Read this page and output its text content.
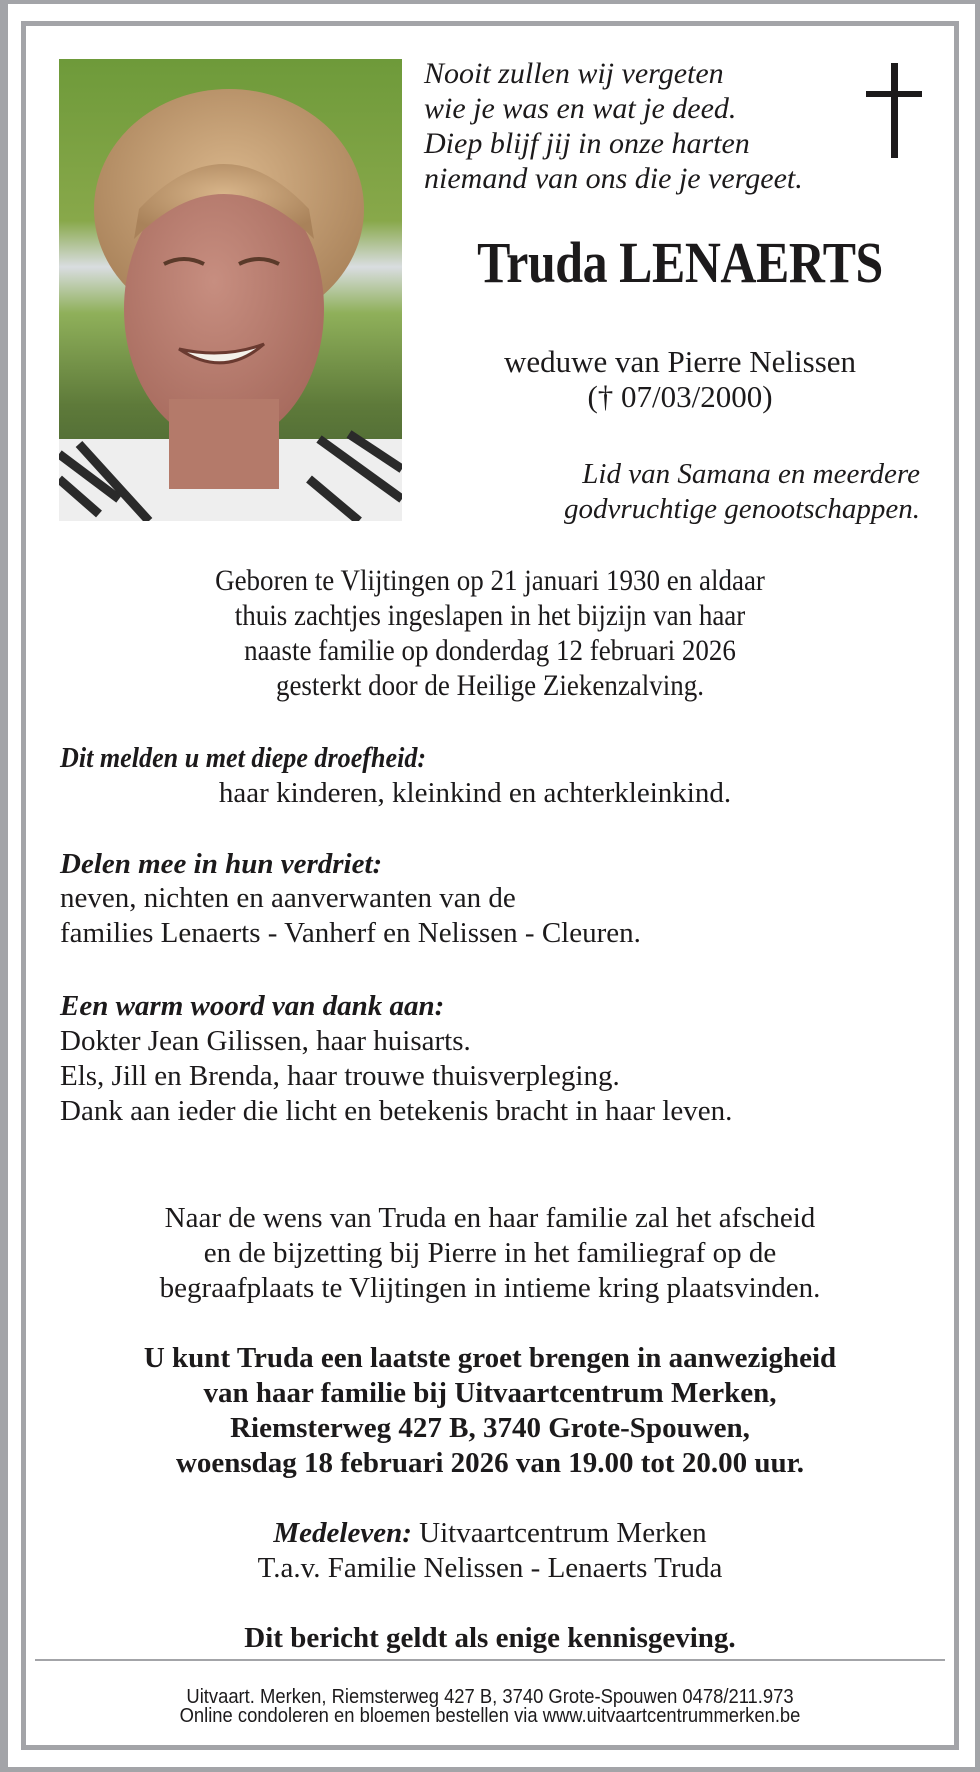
Nooit zullen wij vergeten
wie je was en wat je deed.
Diep blijf jij in onze harten
niemand van ons die je vergeet.
Truda LENAERTS
weduwe van Pierre Nelissen
(† 07/03/2000)
Lid van Samana en meerdere
godvruchtige genootschappen.
Geboren te Vlijtingen op 21 januari 1930 en aldaar
thuis zachtjes ingeslapen in het bijzijn van haar
naaste familie op donderdag 12 februari 2026
gesterkt door de Heilige Ziekenzalving.
Dit melden u met diepe droefheid:
haar kinderen, kleinkind en achterkleinkind.
Delen mee in hun verdriet:
neven, nichten en aanverwanten van de
families Lenaerts - Vanherf en Nelissen - Cleuren.
Een warm woord van dank aan:
Dokter Jean Gilissen, haar huisarts.
Els, Jill en Brenda, haar trouwe thuisverpleging.
Dank aan ieder die licht en betekenis bracht in haar leven.
Naar de wens van Truda en haar familie zal het afscheid
en de bijzetting bij Pierre in het familiegraf op de
begraafplaats te Vlijtingen in intieme kring plaatsvinden.
U kunt Truda een laatste groet brengen in aanwezigheid
van haar familie bij Uitvaartcentrum Merken,
Riemsterweg 427 B, 3740 Grote-Spouwen,
woensdag 18 februari 2026 van 19.00 tot 20.00 uur.
Medeleven: Uitvaartcentrum Merken
T.a.v. Familie Nelissen - Lenaerts Truda
Dit bericht geldt als enige kennisgeving.
Uitvaart. Merken, Riemsterweg 427 B, 3740 Grote-Spouwen 0478/211.973
Online condoleren en bloemen bestellen via www.uitvaartcentrummerken.be
